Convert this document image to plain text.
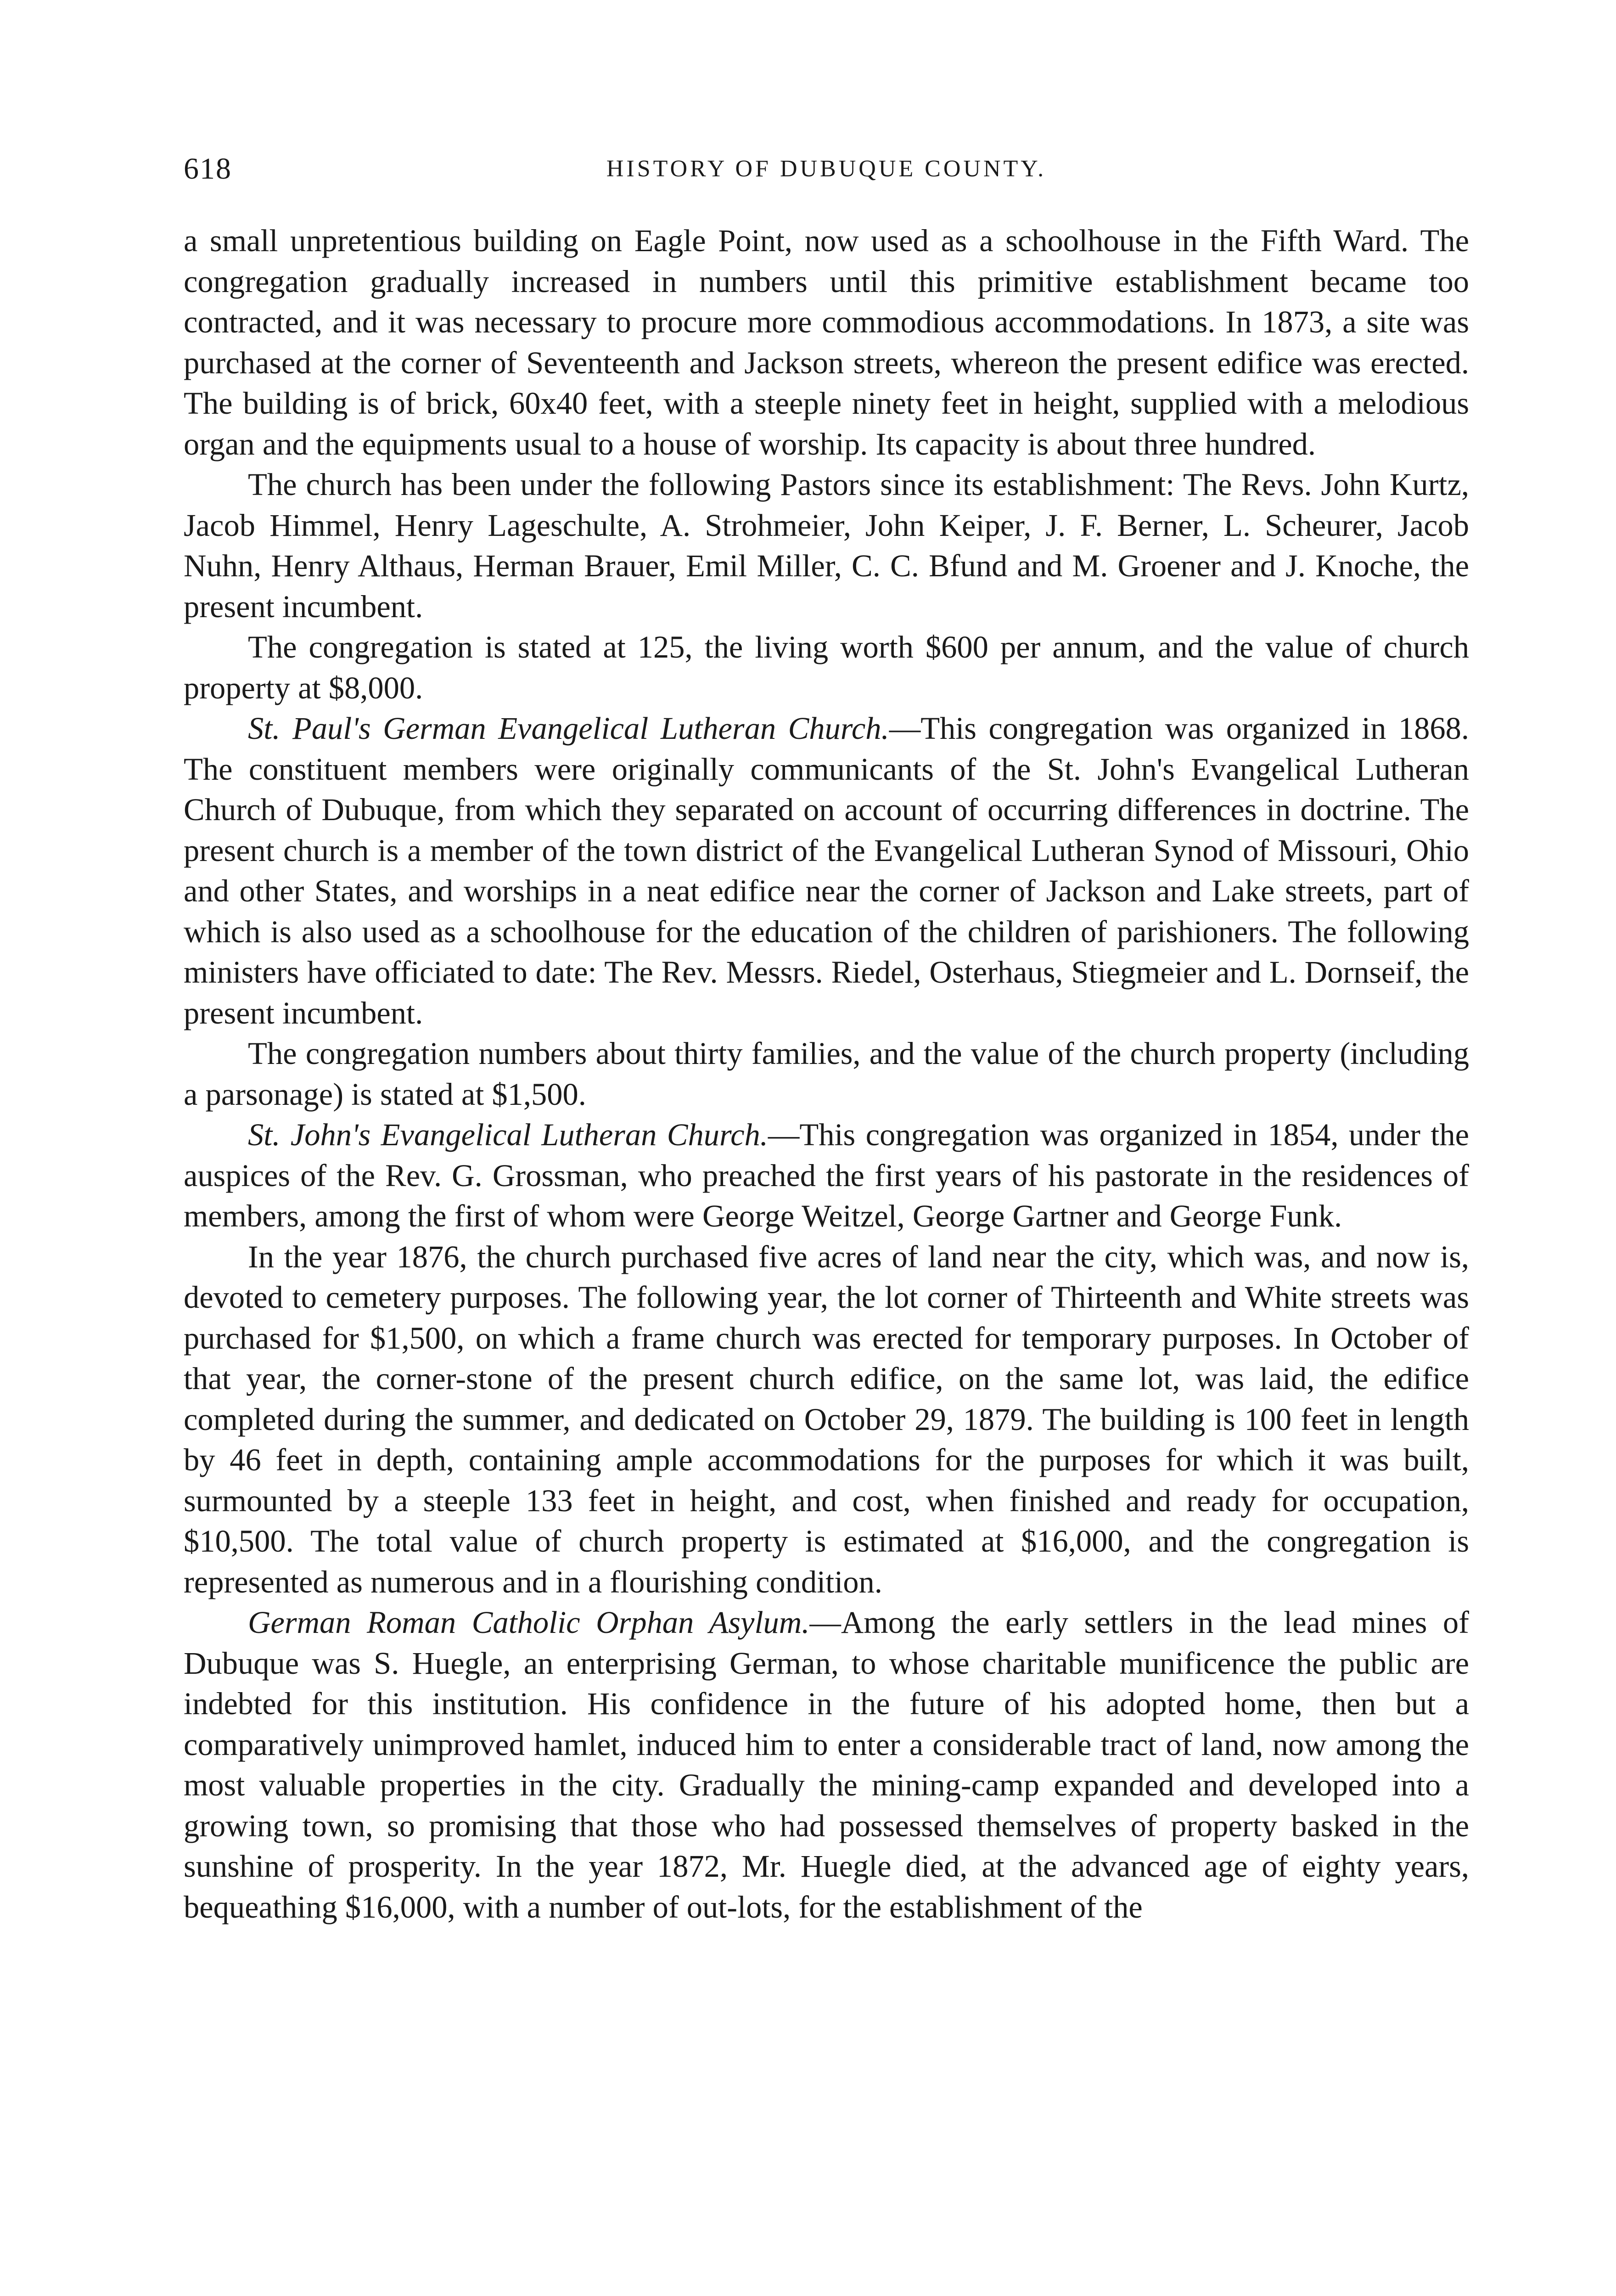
618	HISTORY OF DUBUQUE COUNTY.

a small unpretentious building on Eagle Point, now used as a schoolhouse in the Fifth Ward. The congregation gradually increased in numbers until this primitive establishment became too contracted, and it was necessary to procure more commodious accommodations. In 1873, a site was purchased at the corner of Seventeenth and Jackson streets, whereon the present edifice was erected. The building is of brick, 60x40 feet, with a steeple ninety feet in height, supplied with a melodious organ and the equipments usual to a house of worship. Its capacity is about three hundred.

The church has been under the following Pastors since its establishment: The Revs. John Kurtz, Jacob Himmel, Henry Lageschulte, A. Strohmeier, John Keiper, J. F. Berner, L. Scheurer, Jacob Nuhn, Henry Althaus, Herman Brauer, Emil Miller, C. C. Bfund and M. Groener and J. Knoche, the present incumbent.

The congregation is stated at 125, the living worth $600 per annum, and the value of church property at $8,000.

St. Paul's German Evangelical Lutheran Church.—This congregation was organized in 1868. The constituent members were originally communicants of the St. John's Evangelical Lutheran Church of Dubuque, from which they separated on account of occurring differences in doctrine. The present church is a member of the town district of the Evangelical Lutheran Synod of Missouri, Ohio and other States, and worships in a neat edifice near the corner of Jackson and Lake streets, part of which is also used as a schoolhouse for the education of the children of parishioners. The following ministers have officiated to date: The Rev. Messrs. Riedel, Osterhaus, Stiegmeier and L. Dornseif, the present incumbent.

The congregation numbers about thirty families, and the value of the church property (including a parsonage) is stated at $1,500.

St. John's Evangelical Lutheran Church.—This congregation was organized in 1854, under the auspices of the Rev. G. Grossman, who preached the first years of his pastorate in the residences of members, among the first of whom were George Weitzel, George Gartner and George Funk.

In the year 1876, the church purchased five acres of land near the city, which was, and now is, devoted to cemetery purposes. The following year, the lot corner of Thirteenth and White streets was purchased for $1,500, on which a frame church was erected for temporary purposes. In October of that year, the corner-stone of the present church edifice, on the same lot, was laid, the edifice completed during the summer, and dedicated on October 29, 1879. The building is 100 feet in length by 46 feet in depth, containing ample accommodations for the purposes for which it was built, surmounted by a steeple 133 feet in height, and cost, when finished and ready for occupation, $10,500. The total value of church property is estimated at $16,000, and the congregation is represented as numerous and in a flourishing condition.

German Roman Catholic Orphan Asylum.—Among the early settlers in the lead mines of Dubuque was S. Huegle, an enterprising German, to whose charitable munificence the public are indebted for this institution. His confidence in the future of his adopted home, then but a comparatively unimproved hamlet, induced him to enter a considerable tract of land, now among the most valuable properties in the city. Gradually the mining-camp expanded and developed into a growing town, so promising that those who had possessed themselves of property basked in the sunshine of prosperity. In the year 1872, Mr. Huegle died, at the advanced age of eighty years, bequeathing $16,000, with a number of out-lots, for the establishment of the
